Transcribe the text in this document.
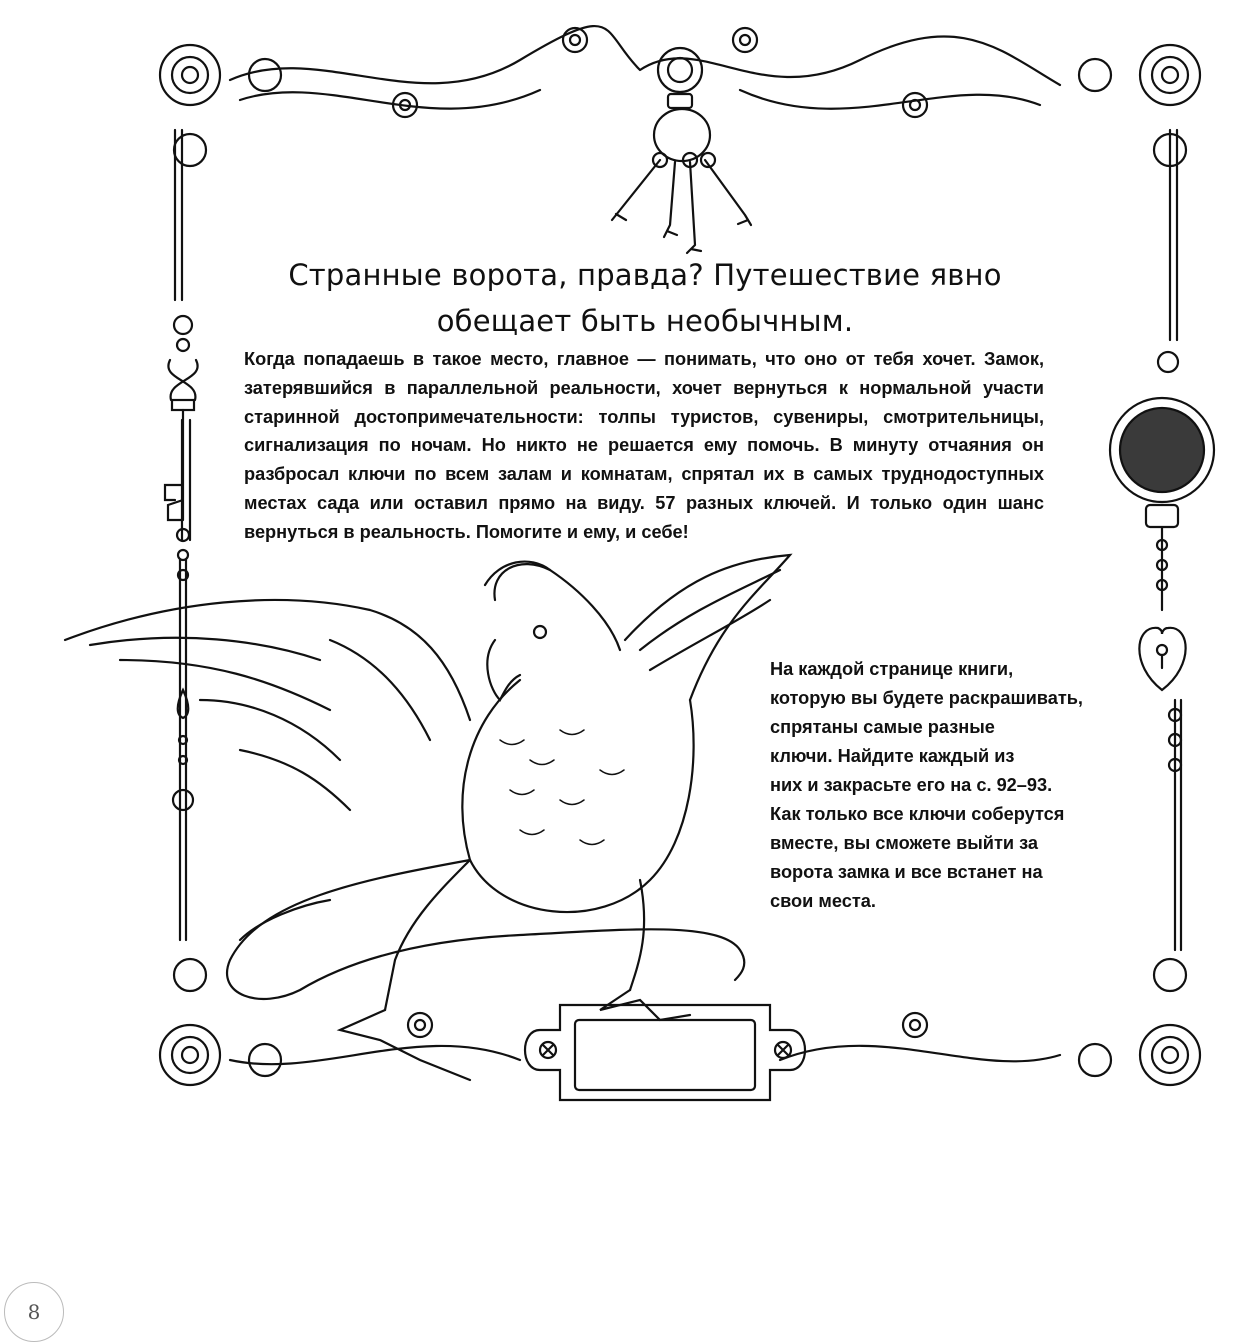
Странные ворота, правда? Путешествие явно обещает быть необычным.
Когда попадаешь в такое место, главное — понимать, что оно от тебя хочет. Замок, затерявшийся в параллельной реальности, хочет вернуться к нормальной участи старинной достопримечательности: толпы туристов, сувениры, смотрительницы, сигнализация по ночам. Но никто не решается ему помочь. В минуту отчаяния он разбросал ключи по всем залам и комнатам, спрятал их в самых труднодоступных местах сада или оставил прямо на виду. 57 разных ключей. И только один шанс вернуться в реальность. Помогите и ему, и себе!
На каждой странице книги,
которую вы будете раскрашивать,
спрятаны самые разные
ключи. Найдите каждый из
них и закрасьте его на с. 92–93.
Как только все ключи соберутся
вместе, вы сможете выйти за
ворота замка и все встанет на
свои места.
8
